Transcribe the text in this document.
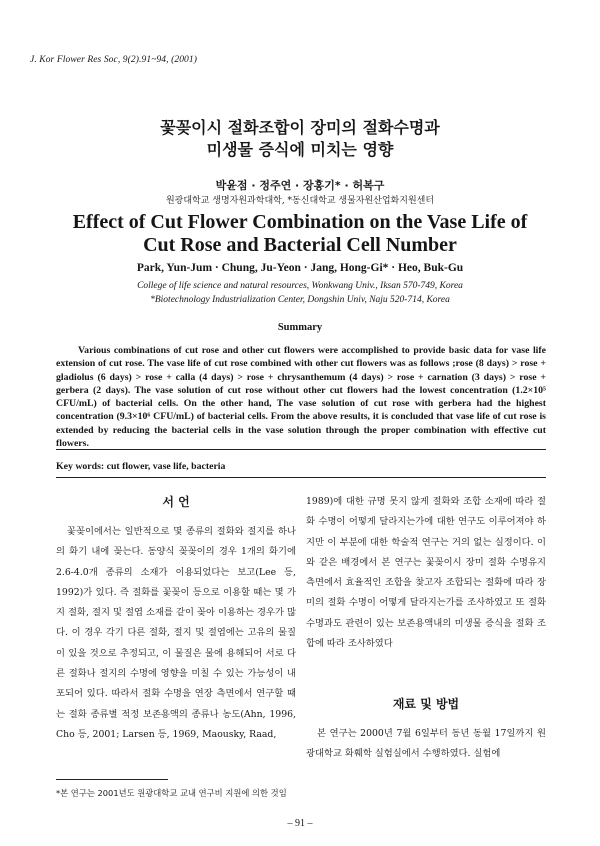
J. Kor Flower Res Soc, 9(2).91~94, (2001)
꽃꽂이시 절화조합이 장미의 절화수명과
미생물 증식에 미치는 영향
박윤점 · 정주연 · 장홍기* · 허복구
원광대학교 생명자원과학대학, *동신대학교 생물자원산업화지원센터
Effect of Cut Flower Combination on the Vase Life of
Cut Rose and Bacterial Cell Number
Park, Yun-Jum · Chung, Ju-Yeon · Jang, Hong-Gi* · Heo, Buk-Gu
College of life science and natural resources, Wonkwang Univ., Iksan 570-749, Korea
*Biotechnology Industrialization Center, Dongshin Univ, Naju 520-714, Korea
Summary
Various combinations of cut rose and other cut flowers were accomplished to provide basic data for vase life extension of cut rose. The vase life of cut rose combined with other cut flowers was as follows ;rose (8 days) > rose + gladiolus (6 days) > rose + calla (4 days) > rose + chrysanthemum (4 days) > rose + carnation (3 days) > rose + gerbera (2 days). The vase solution of cut rose without other cut flowers had the lowest concentration (1.2×10⁵ CFU/mL) of bacterial cells. On the other hand, The vase solution of cut rose with gerbera had the highest concentration (9.3×10⁶ CFU/mL) of bacterial cells. From the above results, it is concluded that vase life of cut rose is extended by reducing the bacterial cells in the vase solution through the proper combination with effective cut flowers.
Key words: cut flower, vase life, bacteria
서 언

꽃꽂이에서는 일반적으로 몇 종류의 절화와 절지를 하나의 화기 내에 꽂는다. 동양식 꽂꽂이의 경우 1개의 화기에 2.6-4.0개 종류의 소재가 이용되었다는 보고(Lee 등, 1992)가 있다. 즉 절화를 꽃꽂이 등으로 이용할 때는 몇 가지 절화, 절지 및 절엽 소재를 같이 꽂아 이용하는 경우가 많다. 이 경우 각기 다른 절화, 절지 및 절엽에는 고유의 물질이 있을 것으로 추정되고, 이 물질은 물에 용해되어 서로 다른 절화나 절지의 수명에 영향을 미칠 수 있는 가능성이 내포되어 있다. 따라서 절화 수명을 연장 측면에서 연구할 때는 절화 종류별 적정 보존용액의 종류나 농도(Ahn, 1996, Cho 등, 2001; Larsen 등, 1969, Maousky, Raad,

1989)에 대한 규명 못지 않게 절화와 조합 소재에 따라 절화 수명이 어떻게 달라지는가에 대한 연구도 이루어져야 하지만 이 부분에 대한 학술적 연구는 거의 없는 실정이다. 이와 같은 배경에서 본 연구는 꽃꽂이시 장미 절화 수명유지 측면에서 효율적인 조합을 찾고자 조합되는 절화에 따라 장미의 절화 수명이 어떻게 달라지는가를 조사하였고 또 절화 수명과도 관련이 있는 보존용액내의 미생물 증식을 절화 조합에 따라 조사하였다

재료 및 방법

본 연구는 2000년 7월 6일부터 동년 동월 17일까지 원광대학교 화훼학 실험실에서 수행하였다. 실험에

*본 연구는 2001년도 원광대학교 교내 연구비 지원에 의한 것임
– 91 –
